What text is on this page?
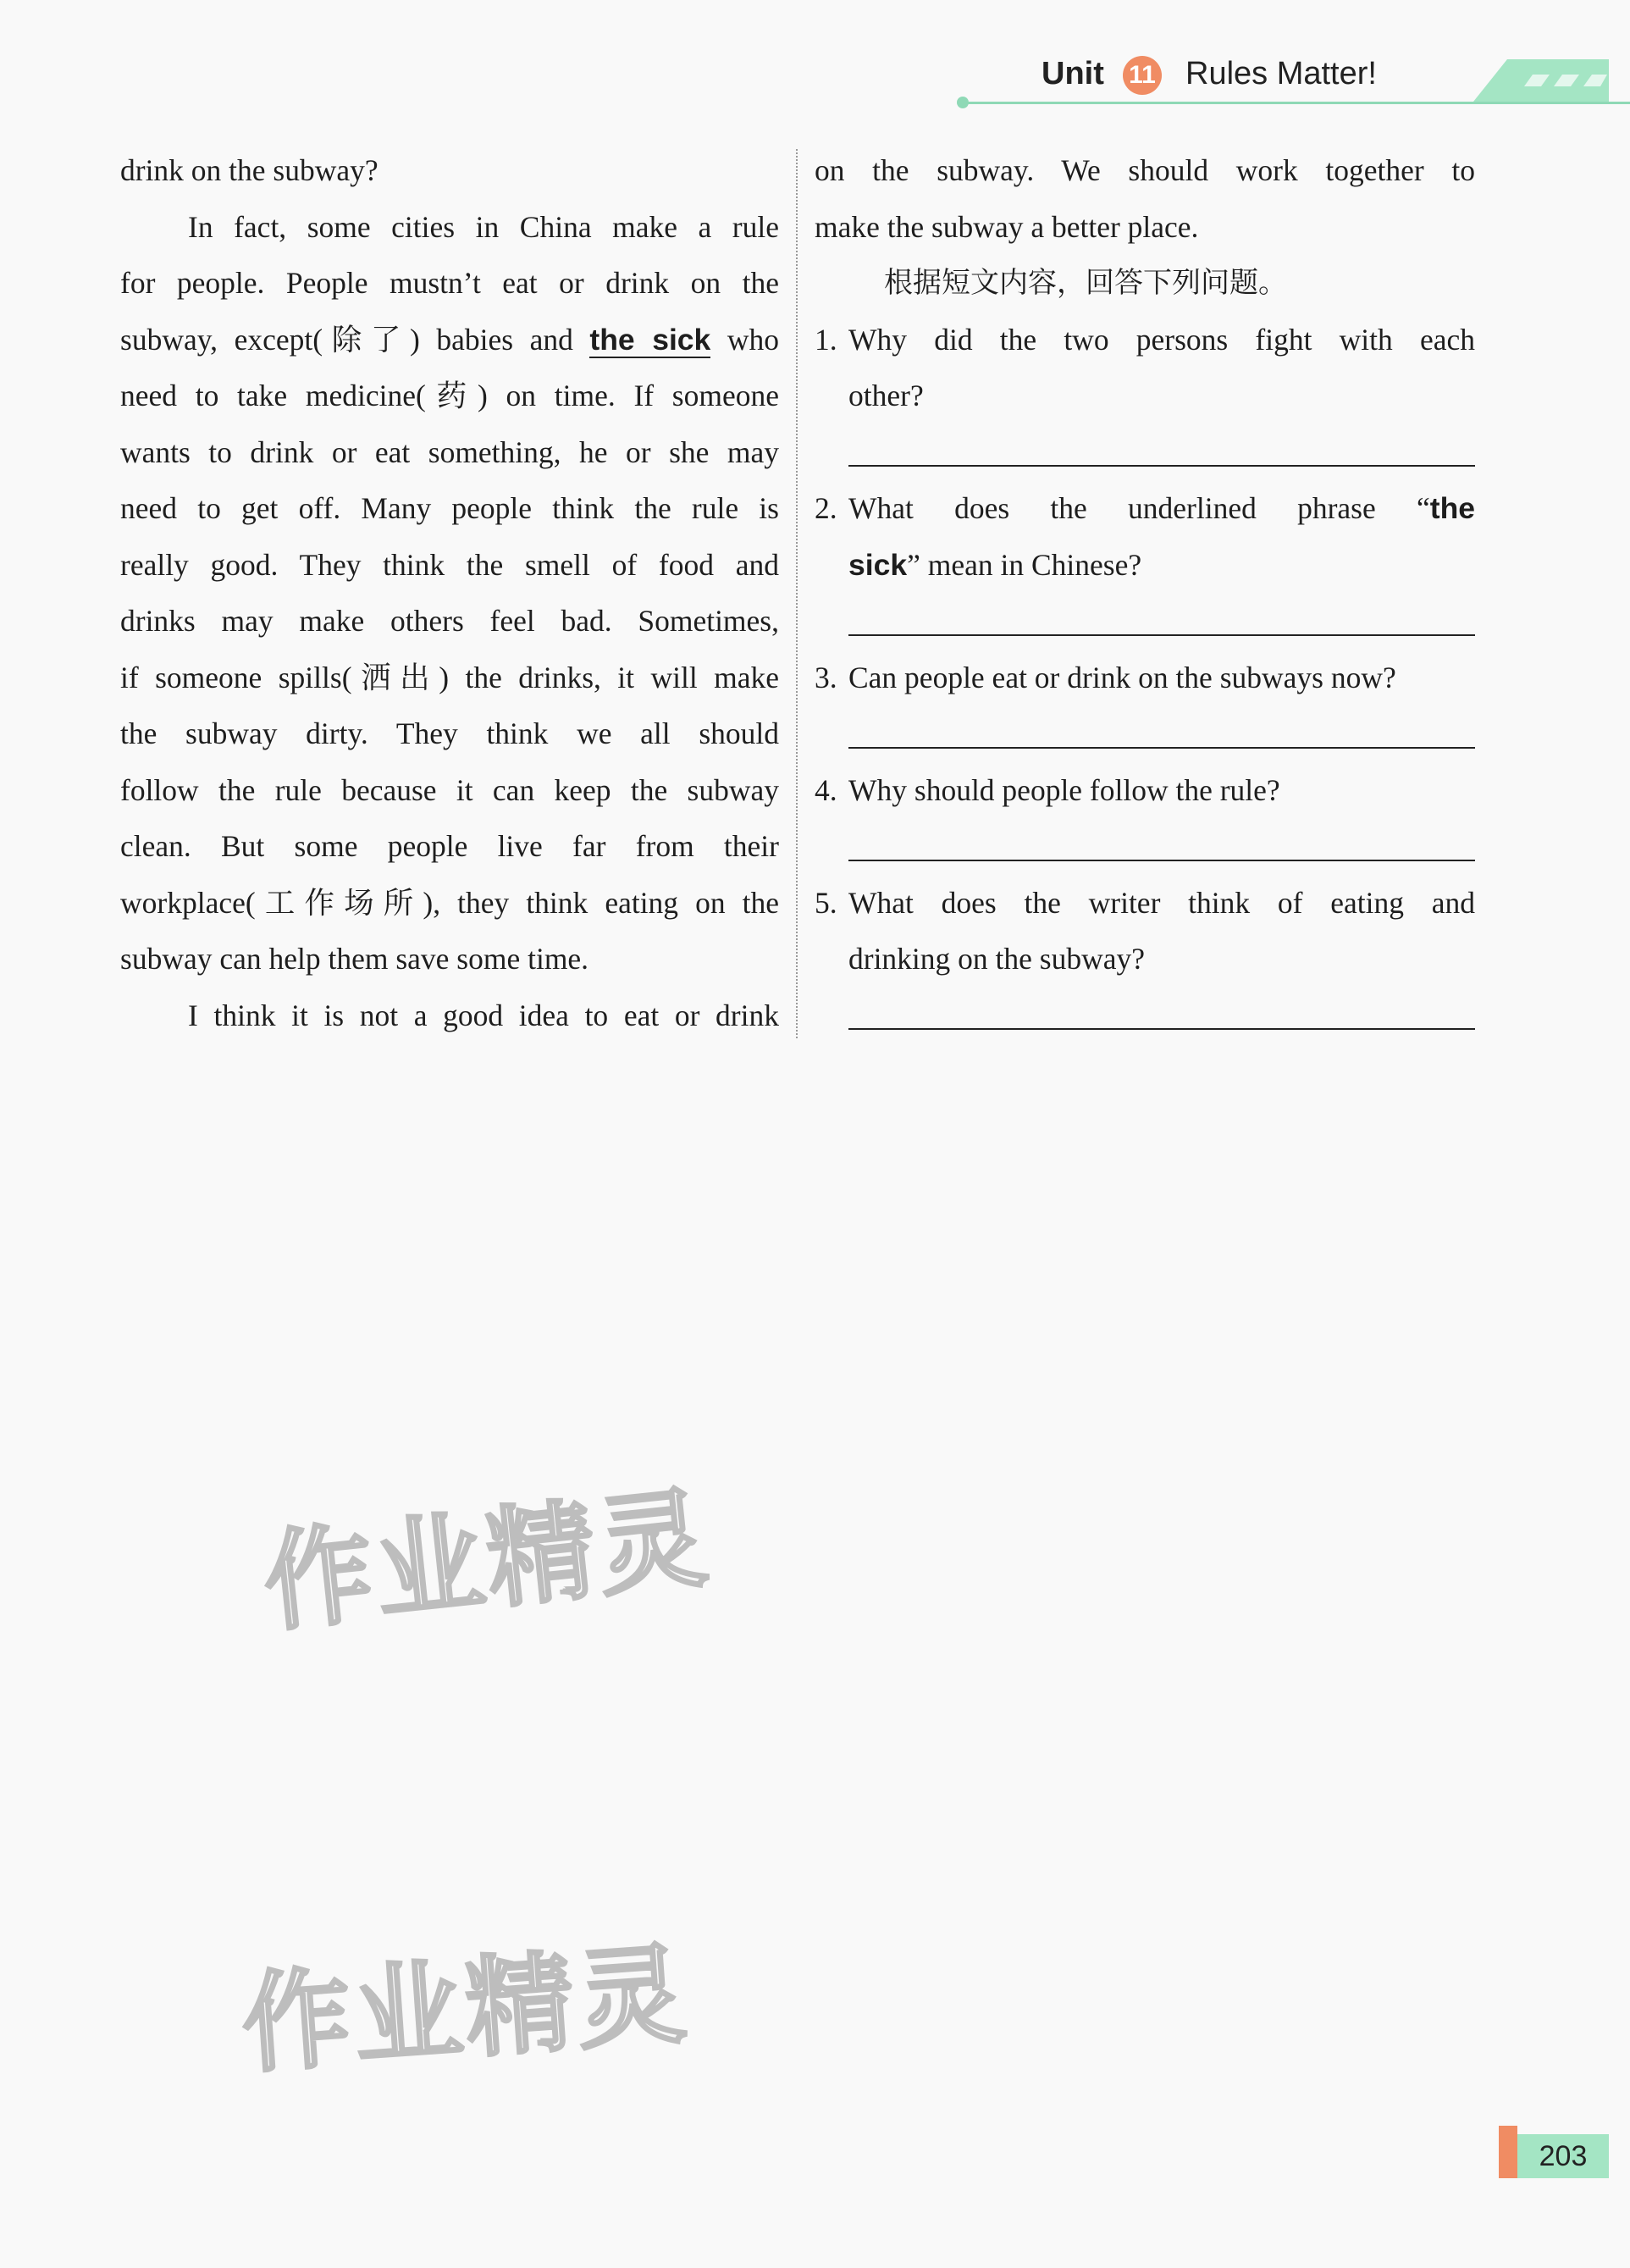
Unit 11 Rules Matter!
drink on the subway?
In fact, some cities in China make a rule
for people. People mustn’t eat or drink on the
subway, except(除了) babies and the sick who
need to take medicine(药) on time. If someone
wants to drink or eat something, he or she may
need to get off. Many people think the rule is
really good. They think the smell of food and
drinks may make others feel bad. Sometimes,
if someone spills(洒出) the drinks, it will make
the subway dirty. They think we all should
follow the rule because it can keep the subway
clean. But some people live far from their
workplace(工作场所), they think eating on the
subway can help them save some time.
I think it is not a good idea to eat or drink
on the subway. We should work together to
make the subway a better place.
根据短文内容，回答下列问题。
1. Why did the two persons fight with each
other?
2. What does the underlined phrase “the
sick” mean in Chinese?
3. Can people eat or drink on the subways now?
4. Why should people follow the rule?
5. What does the writer think of eating and
drinking on the subway?
作业精灵
作业精灵
203
